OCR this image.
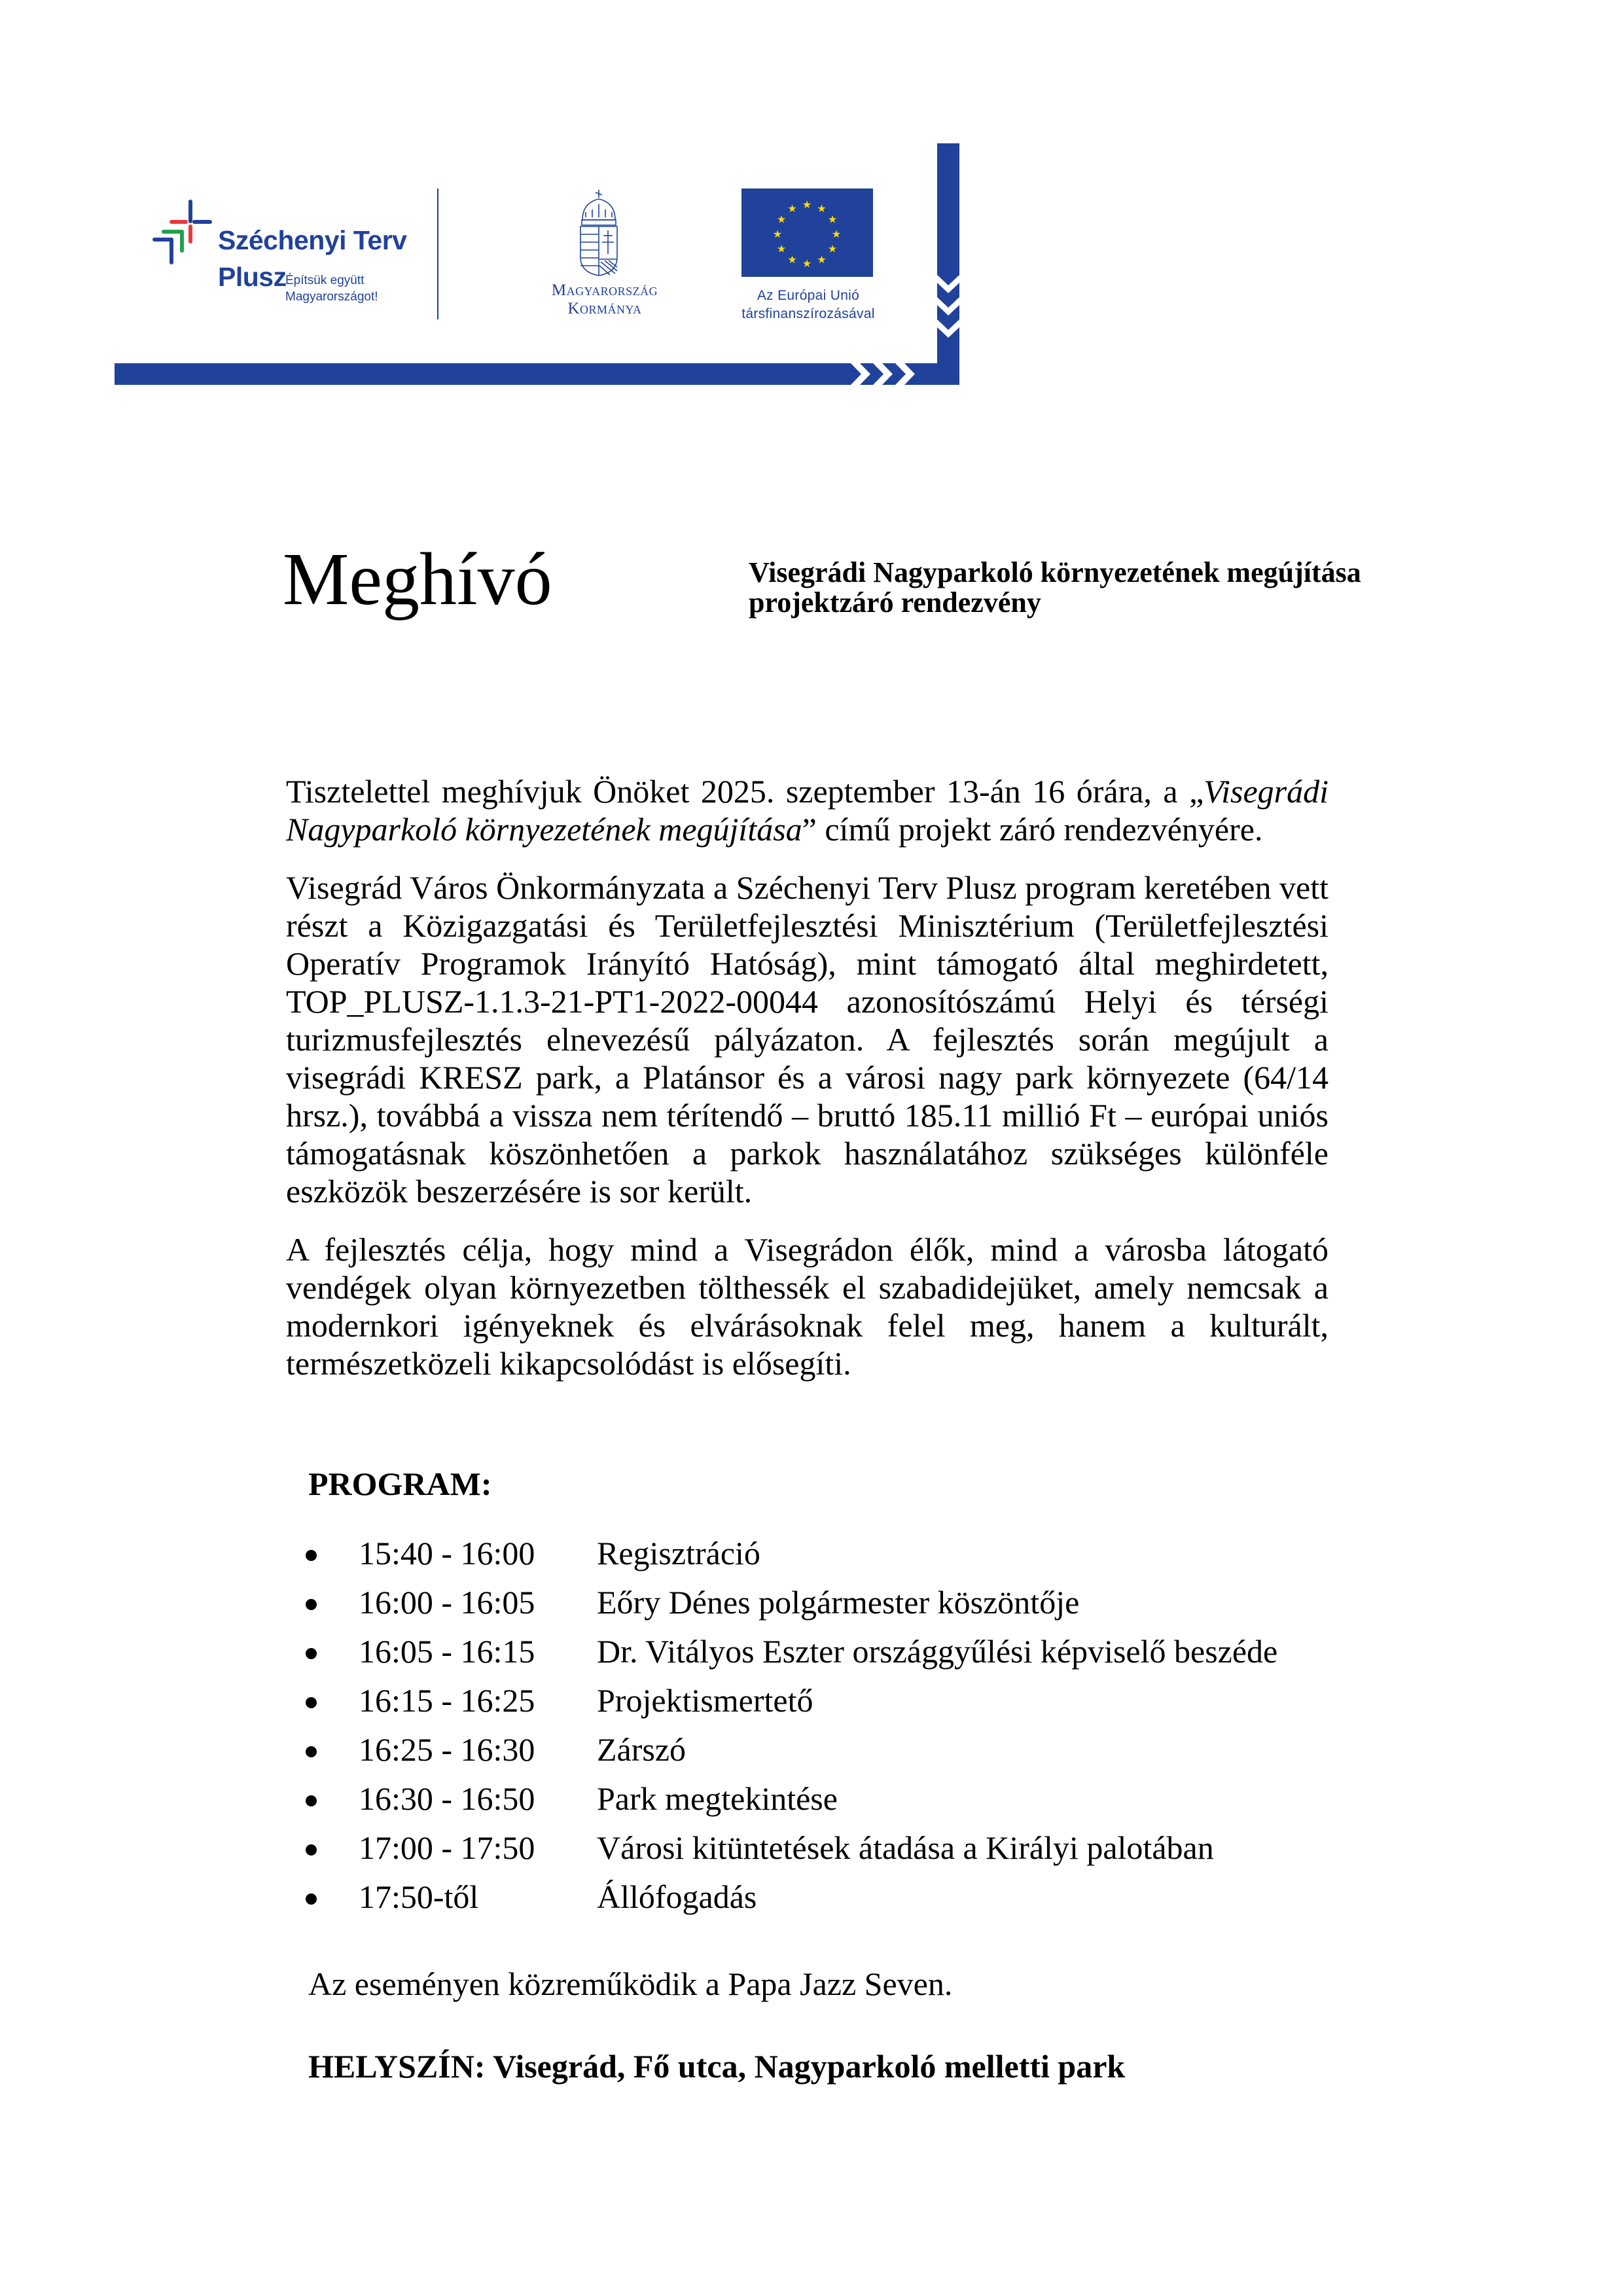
Széchenyi Terv
Plusz
Építsük együtt
Magyarországot!	Magyarország
Kormánya
★ ★
★
★
★
★
★
★
★
★
★
★
Az Európai Unió
társfinanszírozásával
Meghívó	Visegrádi Nagyparkoló környezetének megújítása
projektzáró rendezvény

Tisztelettel meghívjuk Önöket 2025. szeptember 13-án 16 órára, a „Visegrádi Nagyparkoló környezetének megújítása” című projekt záró rendezvényére.

Visegrád Város Önkormányzata a Széchenyi Terv Plusz program keretében vett részt a Közigazgatási és Területfejlesztési Minisztérium (Területfejlesztési Operatív Programok Irányító Hatóság), mint támogató által meghirdetett, TOP_PLUSZ-1.1.3-21-PT1-2022-00044 azonosítószámú Helyi és térségi turizmusfejlesztés elnevezésű pályázaton. A fejlesztés során megújult a visegrádi KRESZ park, a Platánsor és a városi nagy park környezete (64/14 hrsz.), továbbá a vissza nem térítendő – bruttó 185.11 millió Ft – európai uniós támogatásnak köszönhetően a parkok használatához szükséges különféle eszközök beszerzésére is sor került.

A fejlesztés célja, hogy mind a Visegrádon élők, mind a városba látogató vendégek olyan környezetben tölthessék el szabadidejüket, amely nemcsak a modernkori igényeknek és elvárásoknak felel meg, hanem a kulturált, természetközeli kikapcsolódást is elősegíti.

PROGRAM:
15:40 - 16:00 Regisztráció
16:00 - 16:05 Eőry Dénes polgármester köszöntője
16:05 - 16:15 Dr. Vitályos Eszter országgyűlési képviselő beszéde
16:15 - 16:25 Projektismertető
16:25 - 16:30 Zárszó
16:30 - 16:50 Park megtekintése
17:00 - 17:50 Városi kitüntetések átadása a Királyi palotában
17:50-től	Állófogadás
Az eseményen közreműködik a Papa Jazz Seven.
HELYSZÍN: Visegrád, Fő utca, Nagyparkoló melletti park
